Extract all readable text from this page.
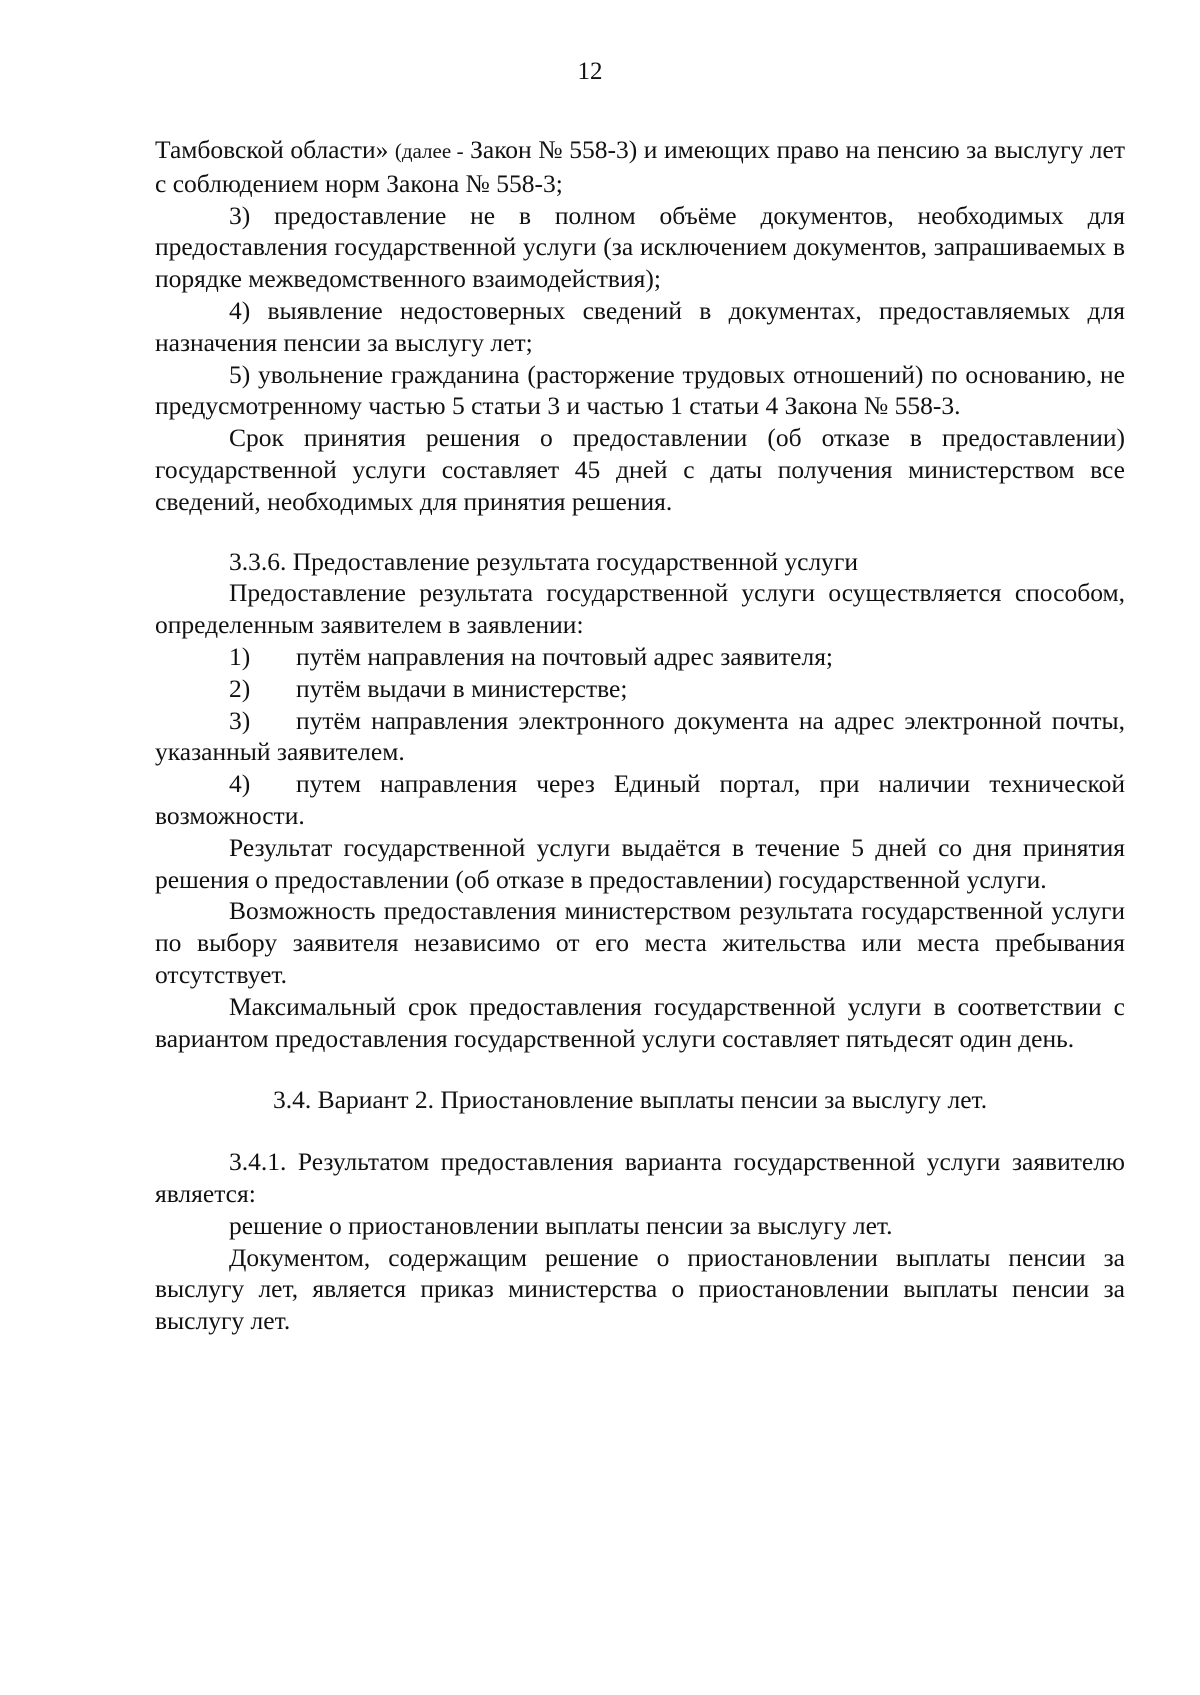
12

Тамбовской области» (далее - Закон № 558-3) и имеющих право на пенсию за выслугу лет с соблюдением норм Закона № 558-3;

3) предоставление не в полном объёме документов, необходимых для предоставления государственной услуги (за исключением документов, запрашиваемых в порядке межведомственного взаимодействия);

4) выявление недостоверных сведений в документах, предоставляемых для назначения пенсии за выслугу лет;

5) увольнение гражданина (расторжение трудовых отношений) по основанию, не предусмотренному частью 5 статьи 3 и частью 1 статьи 4 Закона № 558-3.

Срок принятия решения о предоставлении (об отказе в предоставлении) государственной услуги составляет 45 дней с даты получения министерством все сведений, необходимых для принятия решения.

3.3.6. Предоставление результата государственной услуги

Предоставление результата государственной услуги осуществляется способом, определенным заявителем в заявлении:

1) путём направления на почтовый адрес заявителя;

2) путём выдачи в министерстве;

3) путём направления электронного документа на адрес электронной почты, указанный заявителем.

4) путем направления через Единый портал, при наличии технической возможности.

Результат государственной услуги выдаётся в течение 5 дней со дня принятия решения о предоставлении (об отказе в предоставлении) государственной услуги.

Возможность предоставления министерством результата государственной услуги по выбору заявителя независимо от его места жительства или места пребывания отсутствует.

Максимальный срок предоставления государственной услуги в соответствии с вариантом предоставления государственной услуги составляет пятьдесят один день.

3.4. Вариант 2. Приостановление выплаты пенсии за выслугу лет.

3.4.1. Результатом предоставления варианта государственной услуги заявителю является:

решение о приостановлении выплаты пенсии за выслугу лет.

Документом, содержащим решение о приостановлении выплаты пенсии за выслугу лет, является приказ министерства о приостановлении выплаты пенсии за выслугу лет.
